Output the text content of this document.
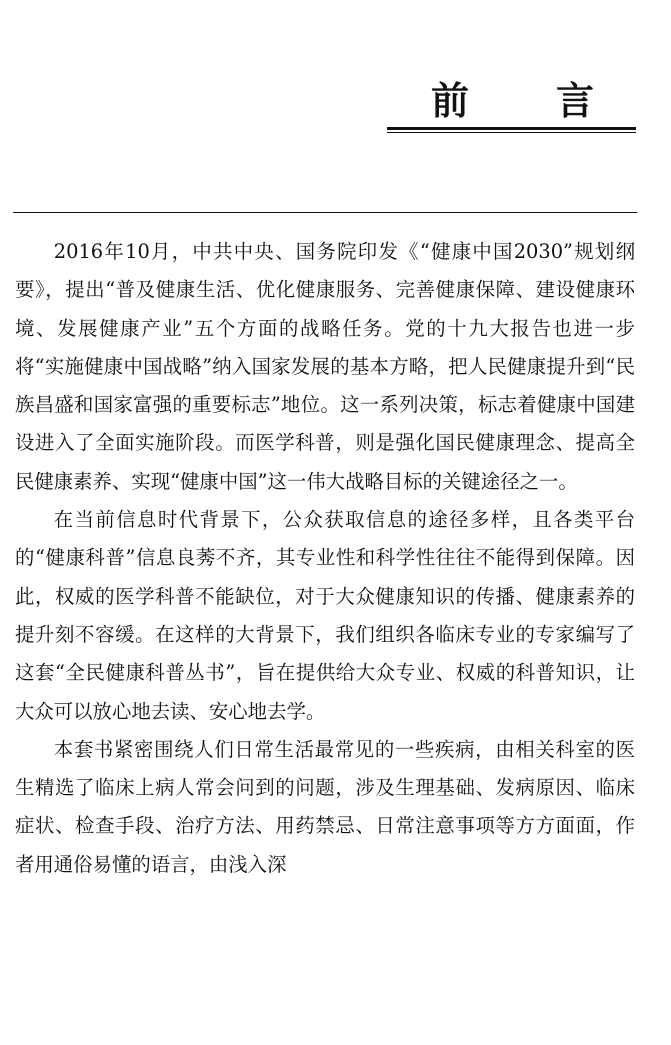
前 言

2016年10月，中共中央、国务院印发《“健康中国2030”规划纲要》，提出“普及健康生活、优化健康服务、完善健康保障、建设健康环境、发展健康产业”五个方面的战略任务。党的十九大报告也进一步将“实施健康中国战略”纳入国家发展的基本方略，把人民健康提升到“民族昌盛和国家富强的重要标志”地位。这一系列决策，标志着健康中国建设进入了全面实施阶段。而医学科普，则是强化国民健康理念、提高全民健康素养、实现“健康中国”这一伟大战略目标的关键途径之一。

在当前信息时代背景下，公众获取信息的途径多样，且各类平台的“健康科普”信息良莠不齐，其专业性和科学性往往不能得到保障。因此，权威的医学科普不能缺位，对于大众健康知识的传播、健康素养的提升刻不容缓。在这样的大背景下，我们组织各临床专业的专家编写了这套“全民健康科普丛书”，旨在提供给大众专业、权威的科普知识，让大众可以放心地去读、安心地去学。

本套书紧密围绕人们日常生活最常见的一些疾病，由相关科室的医生精选了临床上病人常会问到的问题，涉及生理基础、发病原因、临床症状、检查手段、治疗方法、用药禁忌、日常注意事项等方方面面，作者用通俗易懂的语言，由浅入深
